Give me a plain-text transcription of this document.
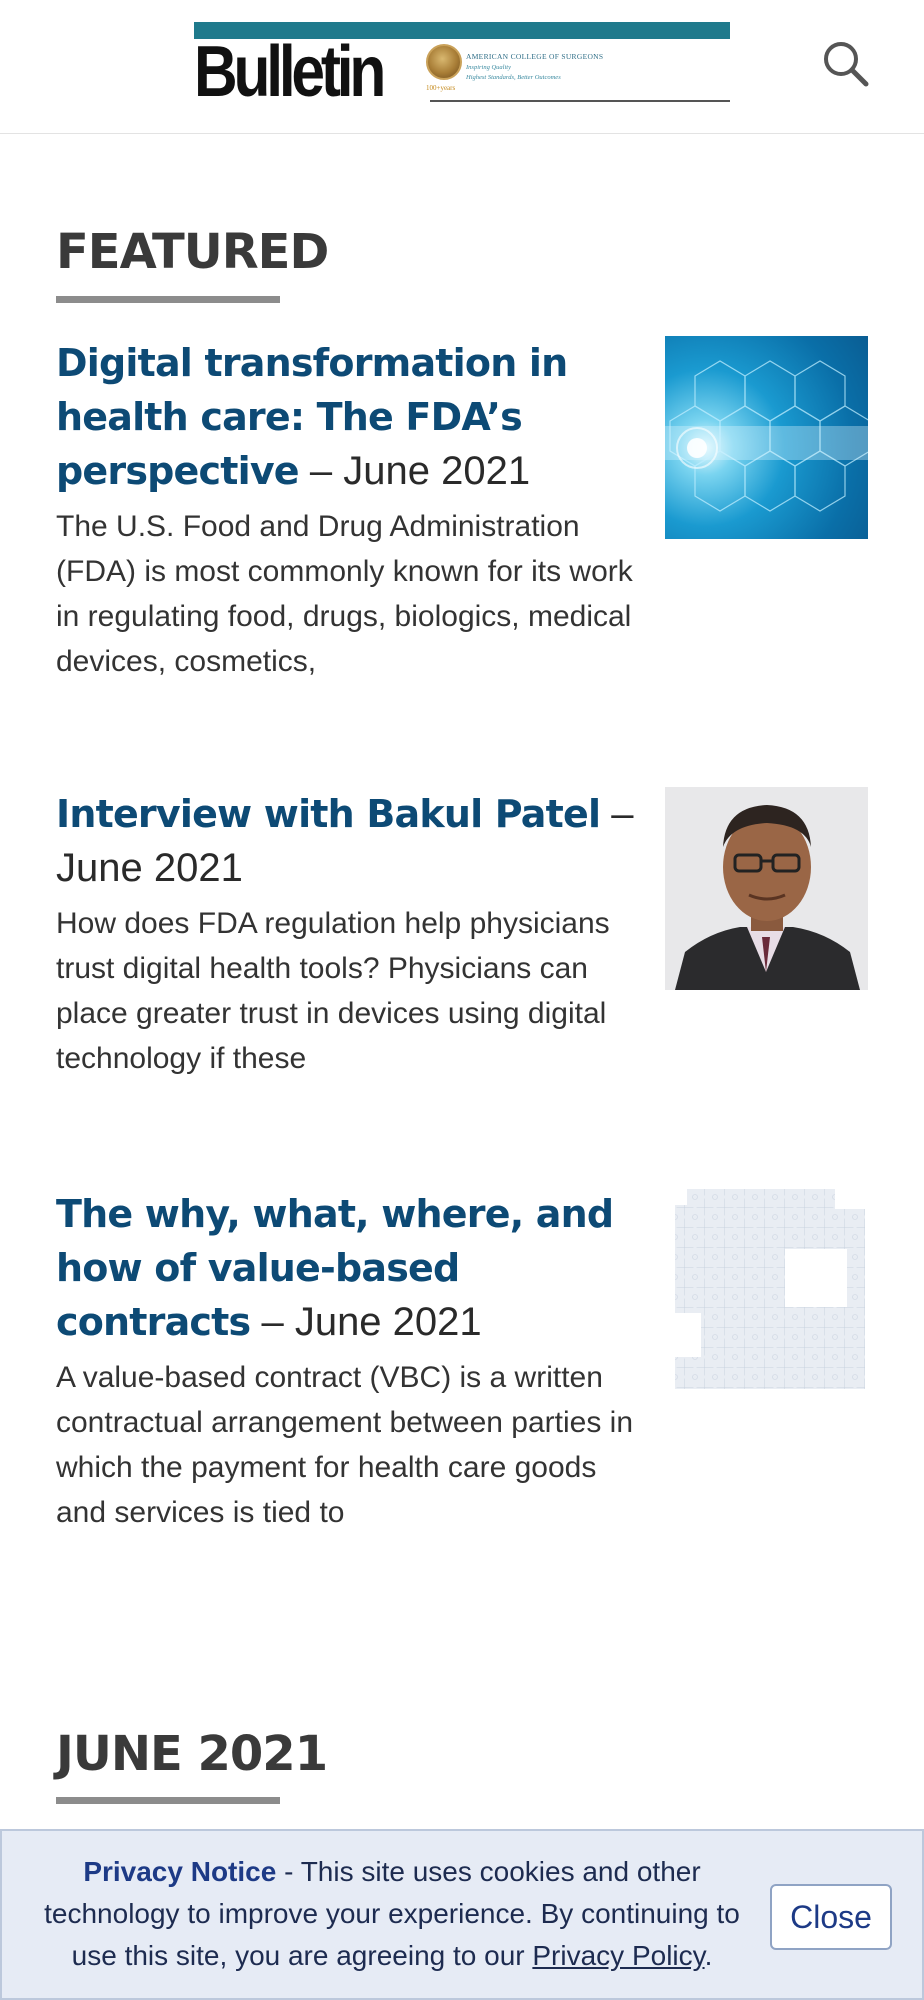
Bulletin	100+years
AMERICAN COLLEGE OF SURGEONS
Inspiring Quality
Highest Standards, Better Outcomes
FEATURED
Digital transformation in health care: The FDA’s perspective – June 2021
The U.S. Food and Drug Administration (FDA) is most commonly known for its work in regulating food, drugs, biologics, medical devices, cosmetics,
Interview with Bakul Patel – June 2021
How does FDA regulation help physicians trust digital health tools? Physicians can place greater trust in devices using digital technology if these
The why, what, where, and how of value-based contracts – June 2021
A value-based contract (VBC) is a written contractual arrangement between parties in which the payment for health care goods and services is tied to
JUNE 2021
Privacy Notice - This site uses cookies and other technology to improve your experience. By continuing to use this site, you are agreeing to our Privacy Policy.
Close
